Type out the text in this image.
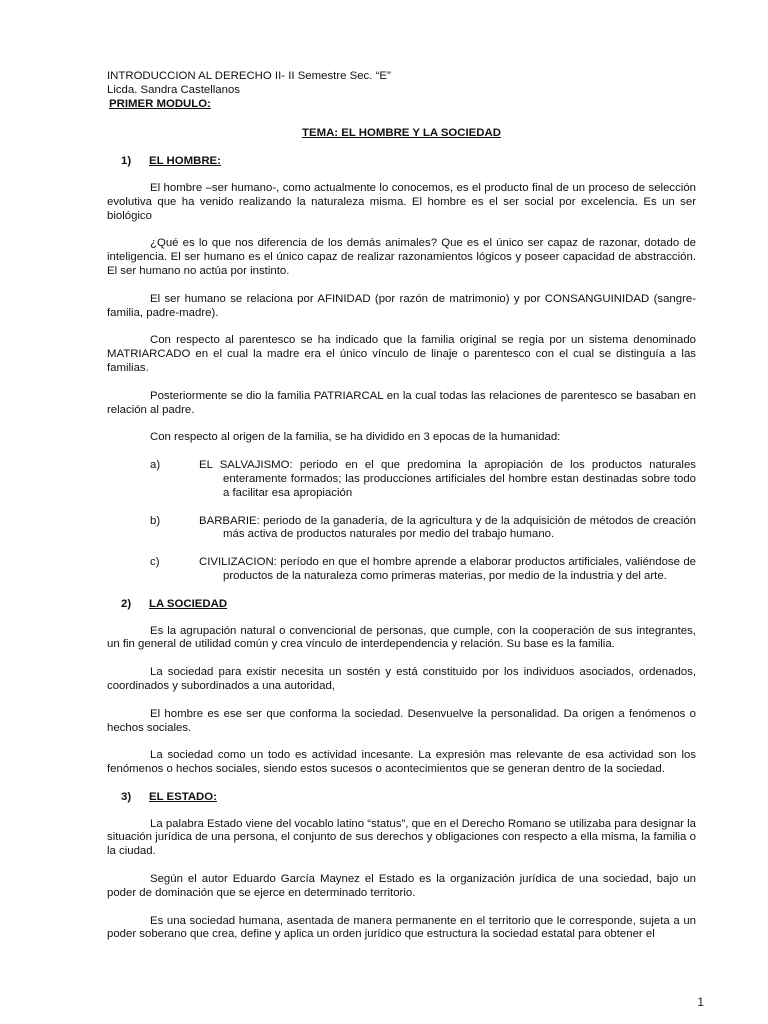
INTRODUCCION AL DERECHO II- II Semestre Sec. “E”

Licda. Sandra Castellanos

PRIMER MODULO:

TEMA: EL HOMBRE Y LA SOCIEDAD

1) EL HOMBRE:

El hombre –ser humano-, como actualmente lo conocemos, es el producto final de un proceso de selección evolutiva que ha venido realizando la naturaleza misma. El hombre es el ser social por excelencia. Es un ser biológico

¿Qué es lo que nos diferencia de los demás animales? Que es el único ser capaz de razonar, dotado de inteligencia. El ser humano es el único capaz de realizar razonamientos lógicos y poseer capacidad de abstracción. El ser humano no actúa por instinto.

El ser humano se relaciona por AFINIDAD (por razón de matrimonio) y por CONSANGUINIDAD (sangre-familia, padre-madre).

Con respecto al parentesco se ha indicado que la familia original se regia por un sistema denominado MATRIARCADO en el cual la madre era el único vínculo de linaje o parentesco con el cual se distinguía a las familias.

Posteriormente se dio la familia PATRIARCAL en la cual todas las relaciones de parentesco se basaban en relación al padre.

Con respecto al origen de la familia, se ha dividido en 3 epocas de la humanidad:

a)	EL SALVAJISMO: periodo en el que predomina la apropiación de los productos naturales enteramente formados; las producciones artificiales del hombre estan destinadas sobre todo a facilitar esa apropiación
b)	BARBARIE: periodo de la ganadería, de la agricultura y de la adquisición de métodos de creación más activa de productos naturales por medio del trabajo humano.
c)	CIVILIZACION: período en que el hombre aprende a elaborar productos artificiales, valiéndose de productos de la naturaleza como primeras materias, por medio de la industria y del arte.

2) LA SOCIEDAD

Es la agrupación natural o convencional de personas, que cumple, con la cooperación de sus integrantes, un fin general de utilidad común y crea vínculo de interdependencia y relación. Su base es la familia.

La sociedad para existir necesita un sostén y está constituido por los individuos asociados, ordenados, coordinados y subordinados a una autoridad,

El hombre es ese ser que conforma la sociedad. Desenvuelve la personalidad. Da origen a fenómenos o hechos sociales.

La sociedad como un todo es actividad incesante. La expresión mas relevante de esa actividad son los fenómenos o hechos sociales, siendo estos sucesos o acontecimientos que se generan dentro de la sociedad.

3) EL ESTADO:

La palabra Estado viene del vocablo latino “status”, que en el Derecho Romano se utilizaba para designar la situación jurídica de una persona, el conjunto de sus derechos y obligaciones con respecto a ella misma, la familia o la ciudad.

Según el autor Eduardo García Maynez el Estado es la organización jurídica de una sociedad, bajo un poder de dominación que se ejerce en determinado territorio.

Es una sociedad humana, asentada de manera permanente en el territorio que le corresponde, sujeta a un poder soberano que crea, define y aplica un orden jurídico que estructura la sociedad estatal para obtener el

1
